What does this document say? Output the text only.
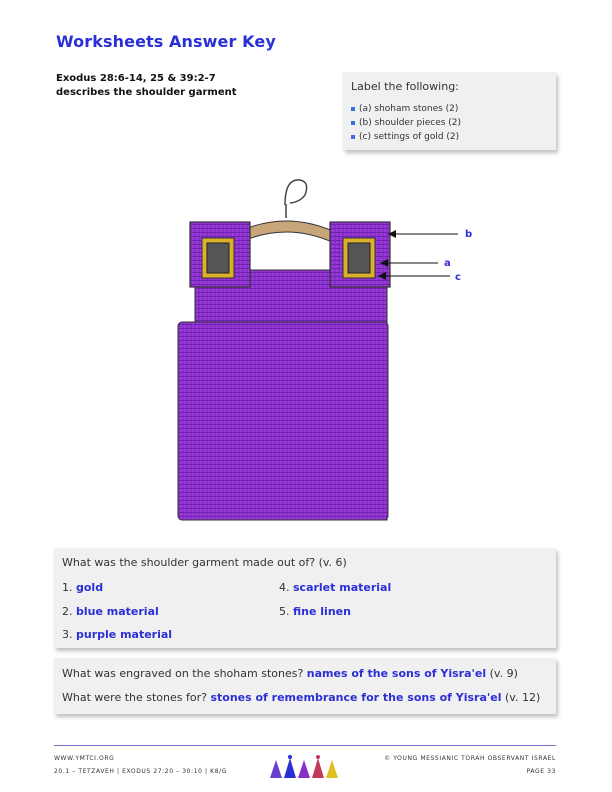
Worksheets Answer Key
Exodus 28:6-14, 25 & 39:2-7
describes the shoulder garment	Label the following:
(a) shoham stones (2)
(b) shoulder pieces (2)
(c) settings of gold (2)
b
a
c
What was the shoulder garment made out of? (v. 6)
1. gold
2. blue material
3. purple material
4. scarlet material
5. fine linen
What was engraved on the shoham stones? names of the sons of Yisra'el (v. 9)
What were the stones for? stones of remembrance for the sons of Yisra'el (v. 12)
WWW.YMTCI.ORG
20.1 – TETZAVEH | EXODUS 27:20 – 30:10 | K8/G
© YOUNG MESSIANIC TORAH OBSERVANT ISRAEL
PAGE 33
